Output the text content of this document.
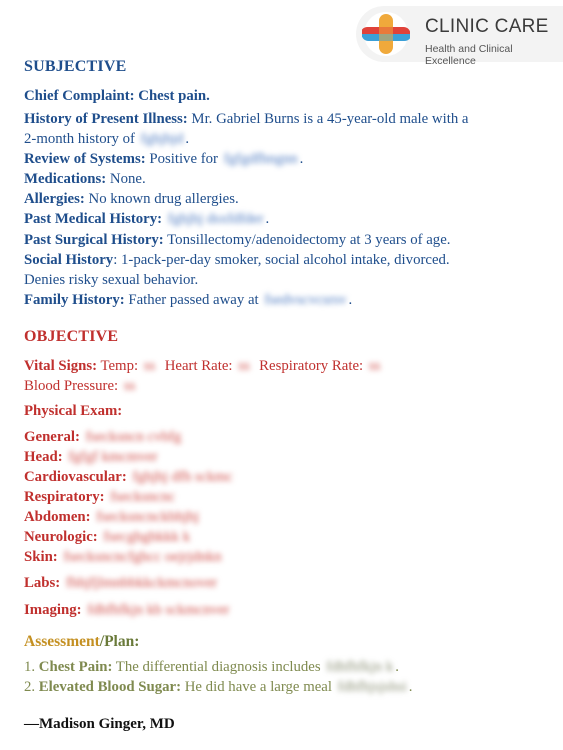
CLINIC CARE
Health and Clinical Excellence
SUBJECTIVE
Chief Complaint: Chest pain.
History of Present Illness: Mr. Gabriel Burns is a 45-year-old male with a
2-month history of fghjhjd .
Review of Systems: Positive for fgfgdfhngnn .
Medications: None.
Allergies: No known drug allergies.
Past Medical History: fghjhj dsxfdfder .
Past Surgical History: Tonsillectomy/adenoidectomy at 3 years of age.
Social History: 1-pack-per-day smoker, social alcohol intake, divorced.
Denies risky sexual behavior.
Family History: Father passed away at fsedvscvcsrsv .
OBJECTIVE
Vital Signs: Temp: ss Heart Rate: ss Respiratory Rate: ss
Blood Pressure: ss
Physical Exam:
General: fsecksncn cvbfg
Head: fgfgf kmcmver
Cardiovascular: fghjhj dfh sckmc
Respiratory: fsecksncnc
Abdomen: fsecksncnckbhjhj
Neurologic: fsecghghkkk k
Skin: fsecksncncfghcc oejrjdnkn
Labs: fhhjfjlmnbbkkckmcnover
Imaging: fdhfhfkjn kb sckmcnver
Assessment/Plan:
1. Chest Pain: The differential diagnosis includes fdhfhfkjn k .
2. Elevated Blood Sugar: He did have a large meal fdhfhjsjshsi .
—Madison Ginger, MD
